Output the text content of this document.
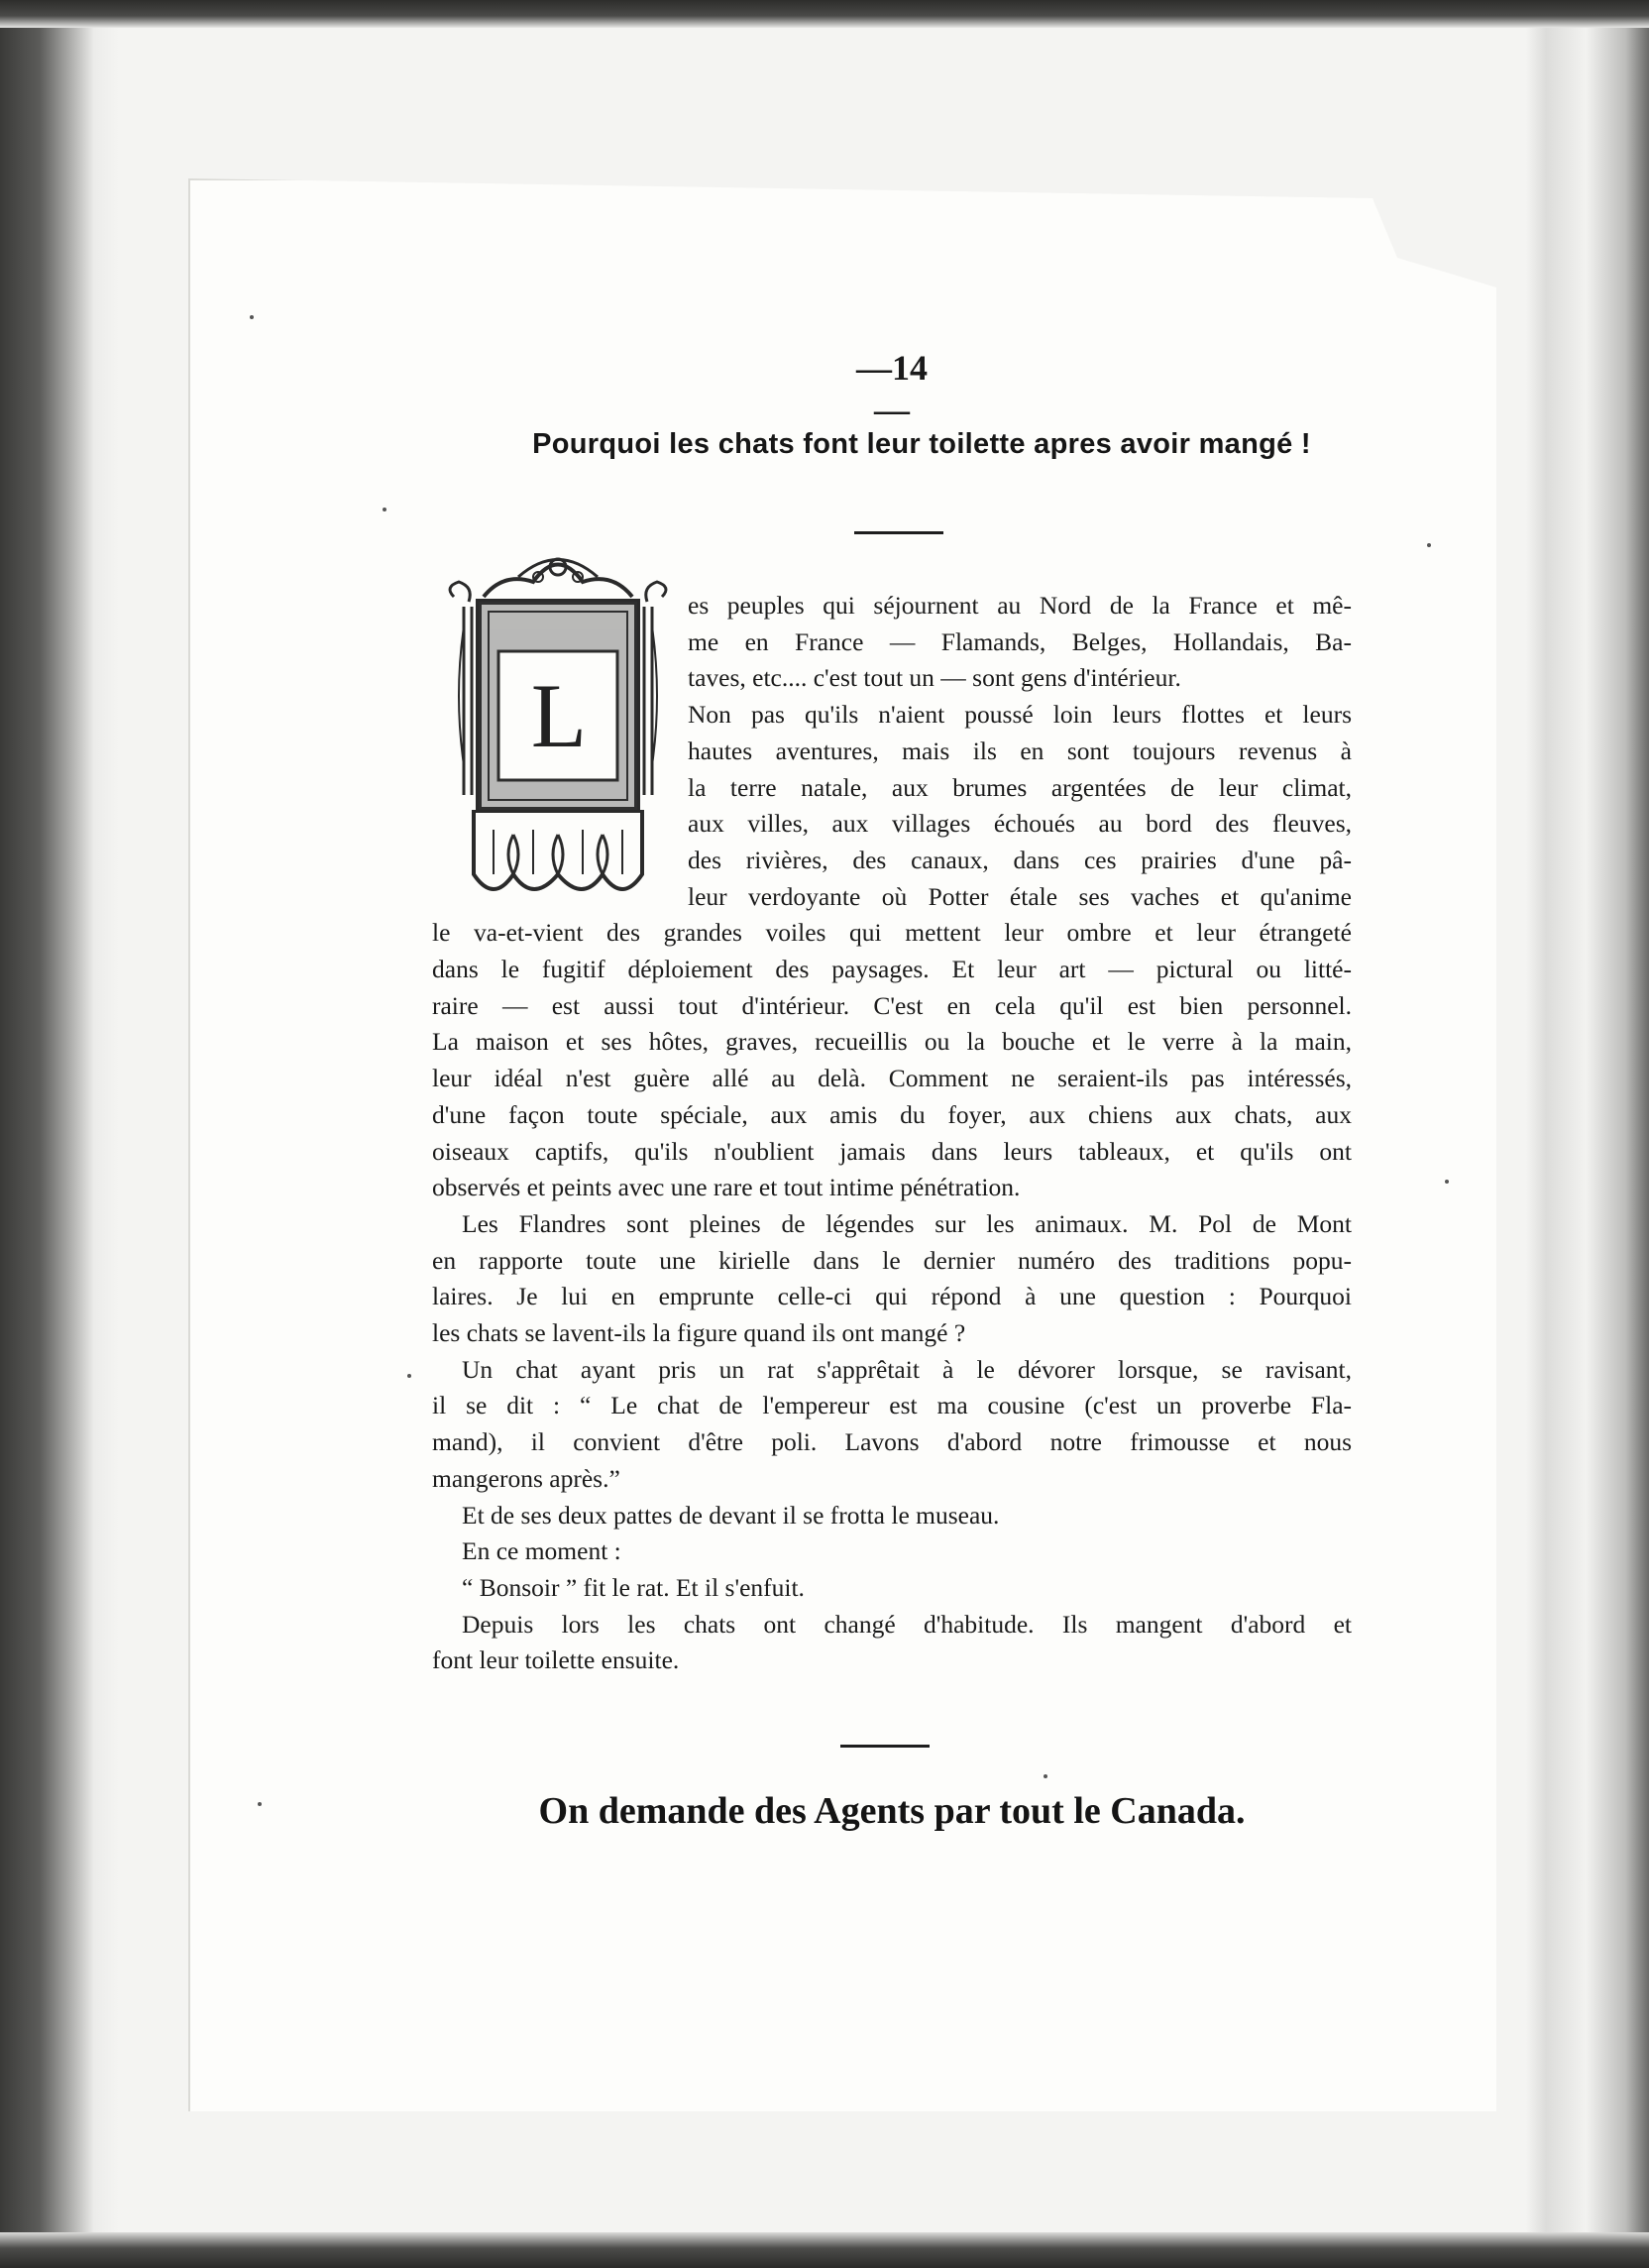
—14—
Pourquoi les chats font leur toilette apres avoir mangé !
L
es peuples qui séjournent au Nord de la France et mê-
me en France — Flamands, Belges, Hollandais, Ba-
taves, etc.... c'est tout un — sont gens d'intérieur.
Non pas qu'ils n'aient poussé loin leurs flottes et leurs
hautes aventures, mais ils en sont toujours revenus à
la terre natale, aux brumes argentées de leur climat,
aux villes, aux villages échoués au bord des fleuves,
des rivières, des canaux, dans ces prairies d'une pâ-
leur verdoyante où Potter étale ses vaches et qu'anime
le va-et-vient des grandes voiles qui mettent leur ombre et leur étrangeté
dans le fugitif déploiement des paysages. Et leur art — pictural ou litté-
raire — est aussi tout d'intérieur. C'est en cela qu'il est bien personnel.
La maison et ses hôtes, graves, recueillis ou la bouche et le verre à la main,
leur idéal n'est guère allé au delà. Comment ne seraient-ils pas intéressés,
d'une façon toute spéciale, aux amis du foyer, aux chiens aux chats, aux
oiseaux captifs, qu'ils n'oublient jamais dans leurs tableaux, et qu'ils ont
observés et peints avec une rare et tout intime pénétration.
Les Flandres sont pleines de légendes sur les animaux. M. Pol de Mont
en rapporte toute une kirielle dans le dernier numéro des traditions popu-
laires. Je lui en emprunte celle-ci qui répond à une question : Pourquoi
les chats se lavent-ils la figure quand ils ont mangé ?
Un chat ayant pris un rat s'apprêtait à le dévorer lorsque, se ravisant,
il se dit : “ Le chat de l'empereur est ma cousine (c'est un proverbe Fla-
mand), il convient d'être poli. Lavons d'abord notre frimousse et nous
mangerons après.”
Et de ses deux pattes de devant il se frotta le museau.
En ce moment :
“ Bonsoir ” fit le rat. Et il s'enfuit.
Depuis lors les chats ont changé d'habitude. Ils mangent d'abord et
font leur toilette ensuite.
On demande des Agents par tout le Canada.
